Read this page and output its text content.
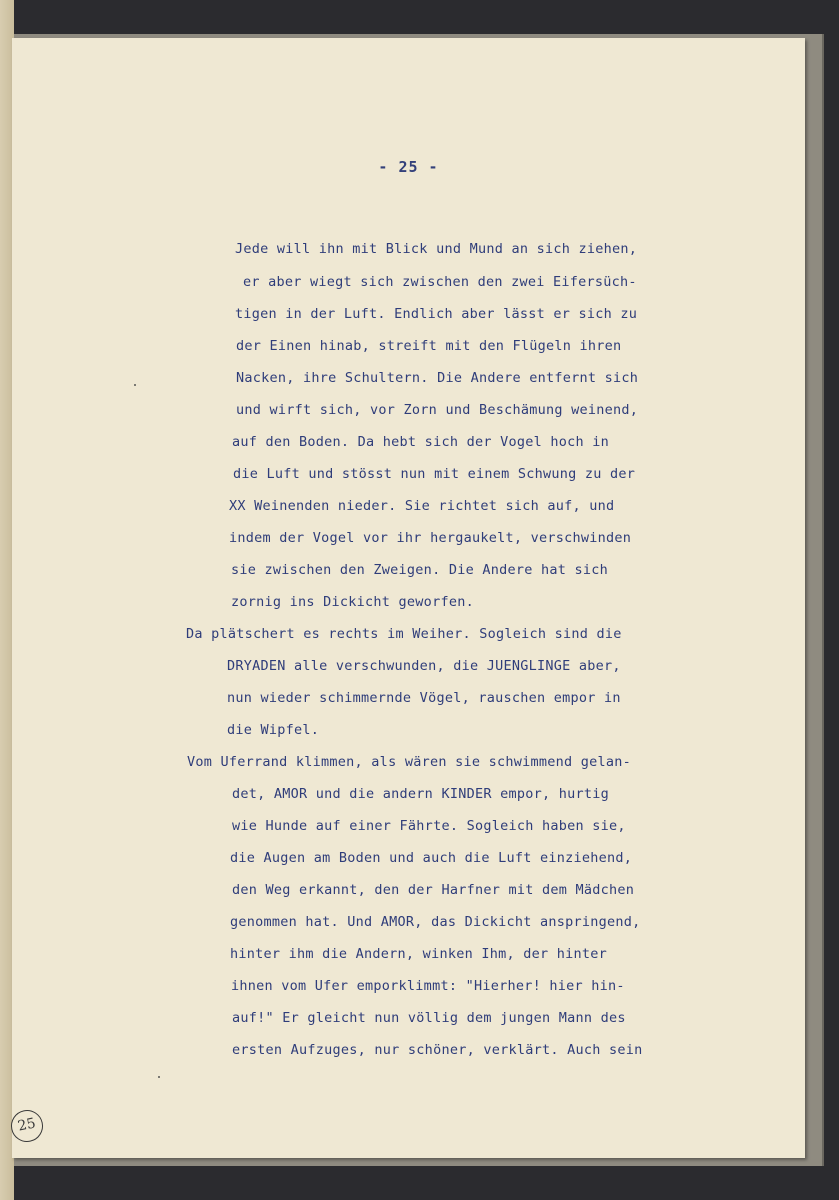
- 25 -
Jede will ihn mit Blick und Mund an sich ziehen,
er aber wiegt sich zwischen den zwei Eifersüch-
tigen in der Luft. Endlich aber lässt er sich zu
der Einen hinab, streift mit den Flügeln ihren
Nacken, ihre Schultern. Die Andere entfernt sich
und wirft sich, vor Zorn und Beschämung weinend,
auf den Boden. Da hebt sich der Vogel hoch in
die Luft und stösst nun mit einem Schwung zu der
XX Weinenden nieder. Sie richtet sich auf, und
indem der Vogel vor ihr hergaukelt, verschwinden
sie zwischen den Zweigen. Die Andere hat sich
zornig ins Dickicht geworfen.
Da plätschert es rechts im Weiher. Sogleich sind die
DRYADEN alle verschwunden, die JUENGLINGE aber,
nun wieder schimmernde Vögel, rauschen empor in
die Wipfel.
Vom Uferrand klimmen, als wären sie schwimmend gelan-
det, AMOR und die andern KINDER empor, hurtig
wie Hunde auf einer Fährte. Sogleich haben sie,
die Augen am Boden und auch die Luft einziehend,
den Weg erkannt, den der Harfner mit dem Mädchen
genommen hat. Und AMOR, das Dickicht anspringend,
hinter ihm die Andern, winken Ihm, der hinter
ihnen vom Ufer emporklimmt: "Hierher! hier hin-
auf!" Er gleicht nun völlig dem jungen Mann des
ersten Aufzuges, nur schöner, verklärt. Auch sein
25
